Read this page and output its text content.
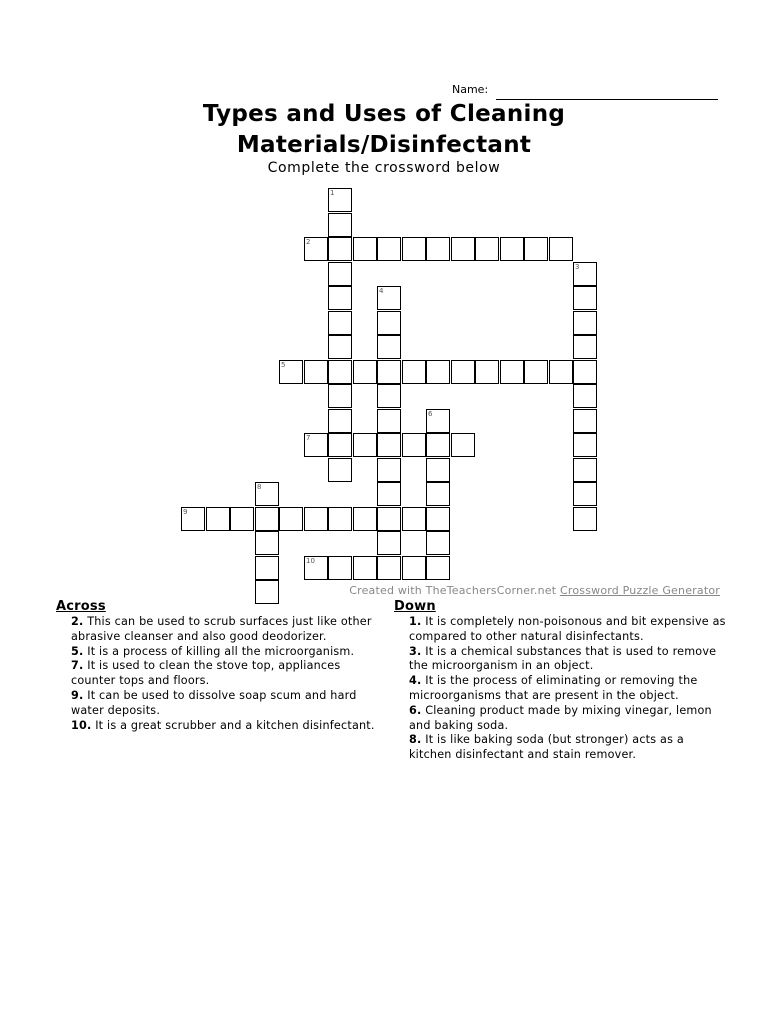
Name:
Types and Uses of Cleaning
Materials/Disinfectant
Complete the crossword below
1
2
3
4
5
6
7
8
9
10
Created with TheTeachersCorner.net Crossword Puzzle Generator
Across
2. This can be used to scrub surfaces just like other abrasive cleanser and also good deodorizer.
5. It is a process of killing all the microorganism.
7. It is used to clean the stove top, appliances counter tops and floors.
9. It can be used to dissolve soap scum and hard water deposits.
10. It is a great scrubber and a kitchen disinfectant.
Down
1. It is completely non-poisonous and bit expensive as compared to other natural disinfectants.
3. It is a chemical substances that is used to remove the microorganism in an object.
4. It is the process of eliminating or removing the microorganisms that are present in the object.
6. Cleaning product made by mixing vinegar, lemon and baking soda.
8. It is like baking soda (but stronger) acts as a kitchen disinfectant and stain remover.
